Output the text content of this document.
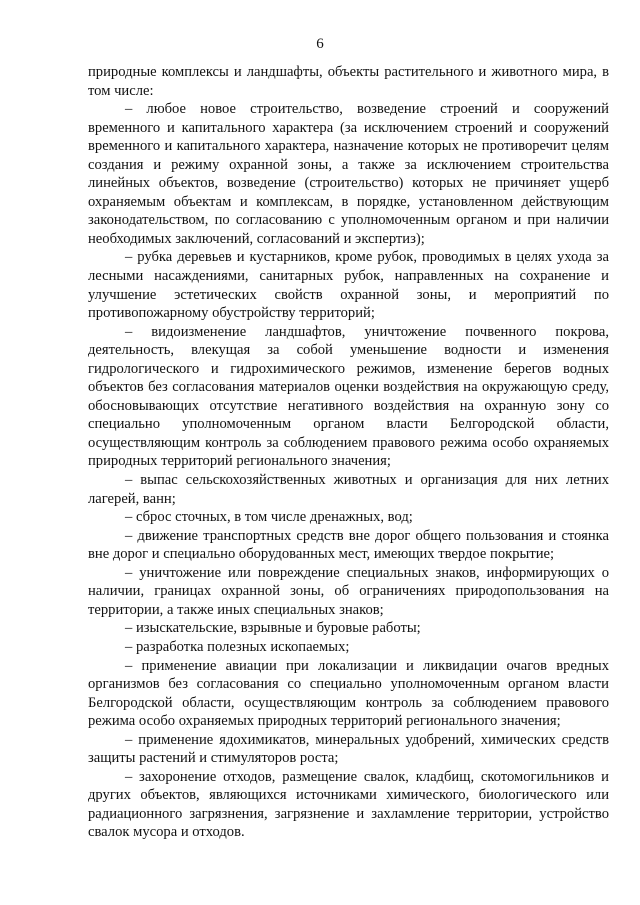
6

природные комплексы и ландшафты, объекты растительного и животного мира, в том числе:

– любое новое строительство, возведение строений и сооружений временного и капитального характера (за исключением строений и сооружений временного и капитального характера, назначение которых не противоречит целям создания и режиму охранной зоны, а также за исключением строительства линейных объектов, возведение (строительство) которых не причиняет ущерб охраняемым объектам и комплексам, в порядке, установленном действующим законодательством, по согласованию с уполномоченным органом и при наличии необходимых заключений, согласований и экспертиз);

– рубка деревьев и кустарников, кроме рубок, проводимых в целях ухода за лесными насаждениями, санитарных рубок, направленных на сохранение и улучшение эстетических свойств охранной зоны, и мероприятий по противопожарному обустройству территорий;

– видоизменение ландшафтов, уничтожение почвенного покрова, деятельность, влекущая за собой уменьшение водности и изменения гидрологического и гидрохимического режимов, изменение берегов водных объектов без согласования материалов оценки воздействия на окружающую среду, обосновывающих отсутствие негативного воздействия на охранную зону со специально уполномоченным органом власти Белгородской области, осуществляющим контроль за соблюдением правового режима особо охраняемых природных территорий регионального значения;

– выпас сельскохозяйственных животных и организация для них летних лагерей, ванн;

– сброс сточных, в том числе дренажных, вод;

– движение транспортных средств вне дорог общего пользования и стоянка вне дорог и специально оборудованных мест, имеющих твердое покрытие;

– уничтожение или повреждение специальных знаков, информирующих о наличии, границах охранной зоны, об ограничениях природопользования на территории, а также иных специальных знаков;

– изыскательские, взрывные и буровые работы;

– разработка полезных ископаемых;

– применение авиации при локализации и ликвидации очагов вредных организмов без согласования со специально уполномоченным органом власти Белгородской области, осуществляющим контроль за соблюдением правового режима особо охраняемых природных территорий регионального значения;

– применение ядохимикатов, минеральных удобрений, химических средств защиты растений и стимуляторов роста;

– захоронение отходов, размещение свалок, кладбищ, скотомогильников и других объектов, являющихся источниками химического, биологического или радиационного загрязнения, загрязнение и захламление территории, устройство свалок мусора и отходов.
